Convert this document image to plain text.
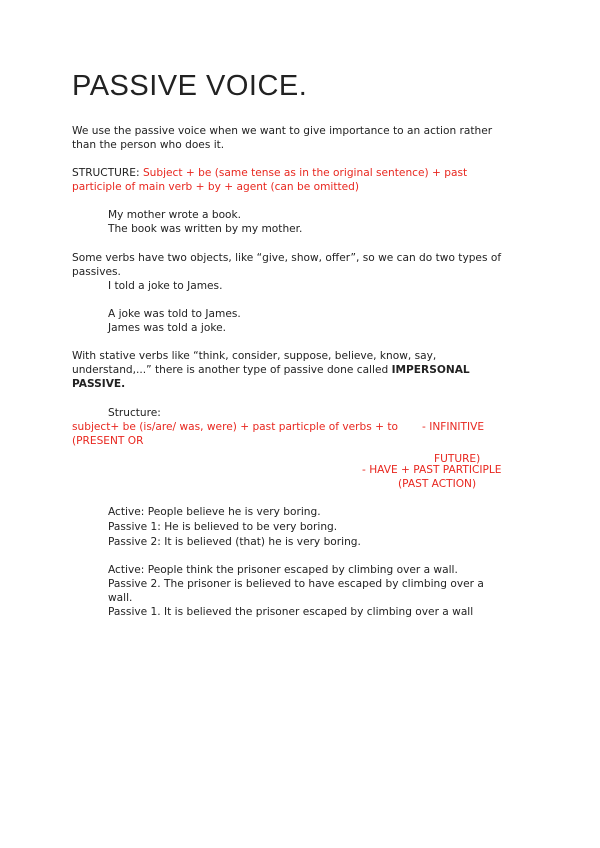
PASSIVE VOICE.
We use the passive voice when we want to give importance to an action rather
than the person who does it.
STRUCTURE: Subject + be (same tense as in the original sentence) + past
participle of main verb + by + agent (can be omitted)
My mother wrote a book.
The book was written by my mother.
Some verbs have two objects, like “give, show, offer”, so we can do two types of
passives.
I told a joke to James.
A joke was told to James.
James was told a joke.
With stative verbs like “think, consider, suppose, believe, know, say,
understand,...” there is another type of passive done called IMPERSONAL
PASSIVE.
Structure:
subject+ be (is/are/ was, were) + past particple of verbs + to - INFINITIVE
(PRESENT OR
FUTURE)
- HAVE + PAST PARTICIPLE
(PAST ACTION)
Active: People believe he is very boring.
Passive 1: He is believed to be very boring.
Passive 2: It is believed (that) he is very boring.
Active: People think the prisoner escaped by climbing over a wall.
Passive 2. The prisoner is believed to have escaped by climbing over a
wall.
Passive 1. It is believed the prisoner escaped by climbing over a wall
